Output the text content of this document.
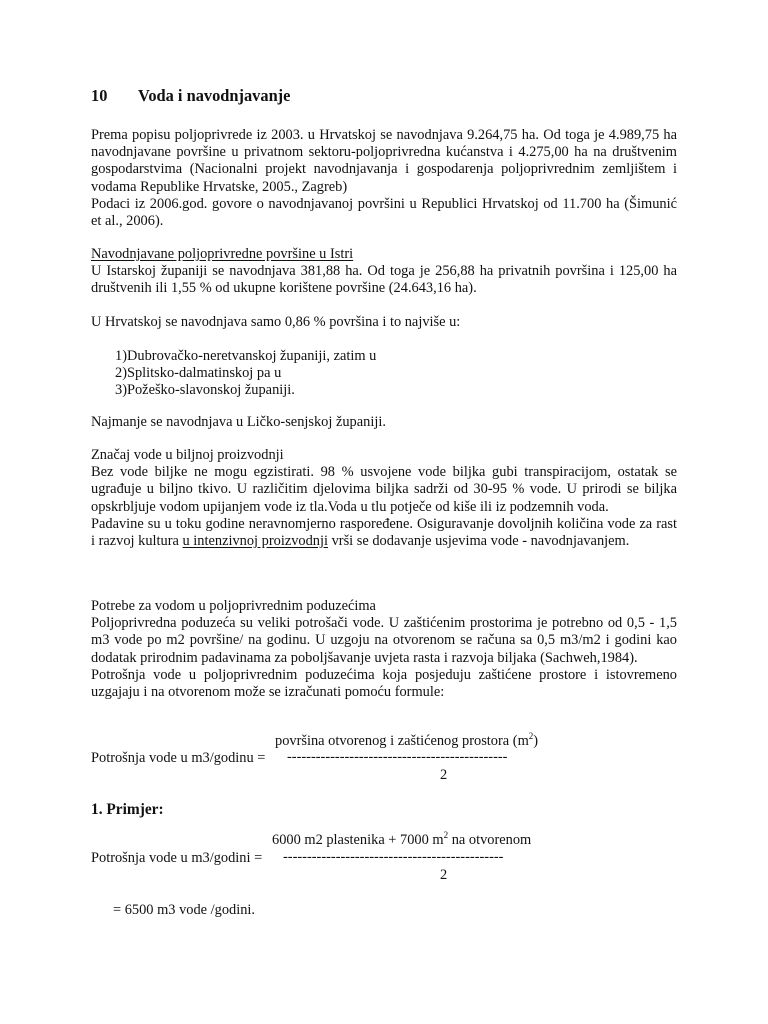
10 Voda i navodnjavanje

Prema popisu poljoprivrede iz 2003. u Hrvatskoj se navodnjava 9.264,75 ha. Od toga je 4.989,75 ha navodnjavane površine u privatnom sektoru-poljoprivredna kućanstva i 4.275,00 ha na društvenim gospodarstvima (Nacionalni projekt navodnjavanja i gospodarenja poljoprivrednim zemljištem i vodama Republike Hrvatske, 2005., Zagreb)

Podaci iz 2006.god. govore o navodnjavanoj površini u Republici Hrvatskoj od 11.700 ha (Šimunić et al., 2006).

Navodnjavane poljoprivredne površine u Istri

U Istarskoj županiji se navodnjava 381,88 ha. Od toga je 256,88 ha privatnih površina i 125,00 ha društvenih ili 1,55 % od ukupne korištene površine (24.643,16 ha).

U Hrvatskoj se navodnjava samo 0,86 % površina i to najviše u:
1)Dubrovačko-neretvanskoj županiji, zatim u
2)Splitsko-dalmatinskoj pa u
3)Požeško-slavonskoj županiji.
Najmanje se navodnjava u Ličko-senjskoj županiji.

Značaj vode u biljnoj proizvodnji

Bez vode biljke ne mogu egzistirati. 98 % usvojene vode biljka gubi transpiracijom, ostatak se ugrađuje u biljno tkivo. U različitim djelovima biljka sadrži od 30-95 % vode. U prirodi se biljka opskrbljuje vodom upijanjem vode iz tla.Voda u tlu potječe od kiše ili iz podzemnih voda.

Padavine su u toku godine neravnomjerno raspoređene. Osiguravanje dovoljnih količina vode za rast i razvoj kultura u intenzivnoj proizvodnji vrši se dodavanje usjevima vode - navodnjavanjem.

Potrebe za vodom u poljoprivrednim poduzećima

Poljoprivredna poduzeća su veliki potrošači vode. U zaštićenim prostorima je potrebno od 0,5 - 1,5 m3 vode po m2 površine/ na godinu. U uzgoju na otvorenom se računa sa 0,5 m3/m2 i godini kao dodatak prirodnim padavinama za poboljšavanje uvjeta rasta i razvoja biljaka (Sachweh,1984).

Potrošnja vode u poljoprivrednim poduzećima koja posjeduju zaštićene prostore i istovremeno uzgajaju i na otvorenom može se izračunati pomoću formule:

površina otvorenog i zaštićenog prostora $(m^2)$
Potrošnja vode u m3/godinu = ----------------------------------------------
2
1. Primjer:
6000 m2 plastenika + 7000 $m^2$ na otvorenom
Potrošnja vode u m3/godini = ----------------------------------------------
2
= 6500 m3 vode /godini.
